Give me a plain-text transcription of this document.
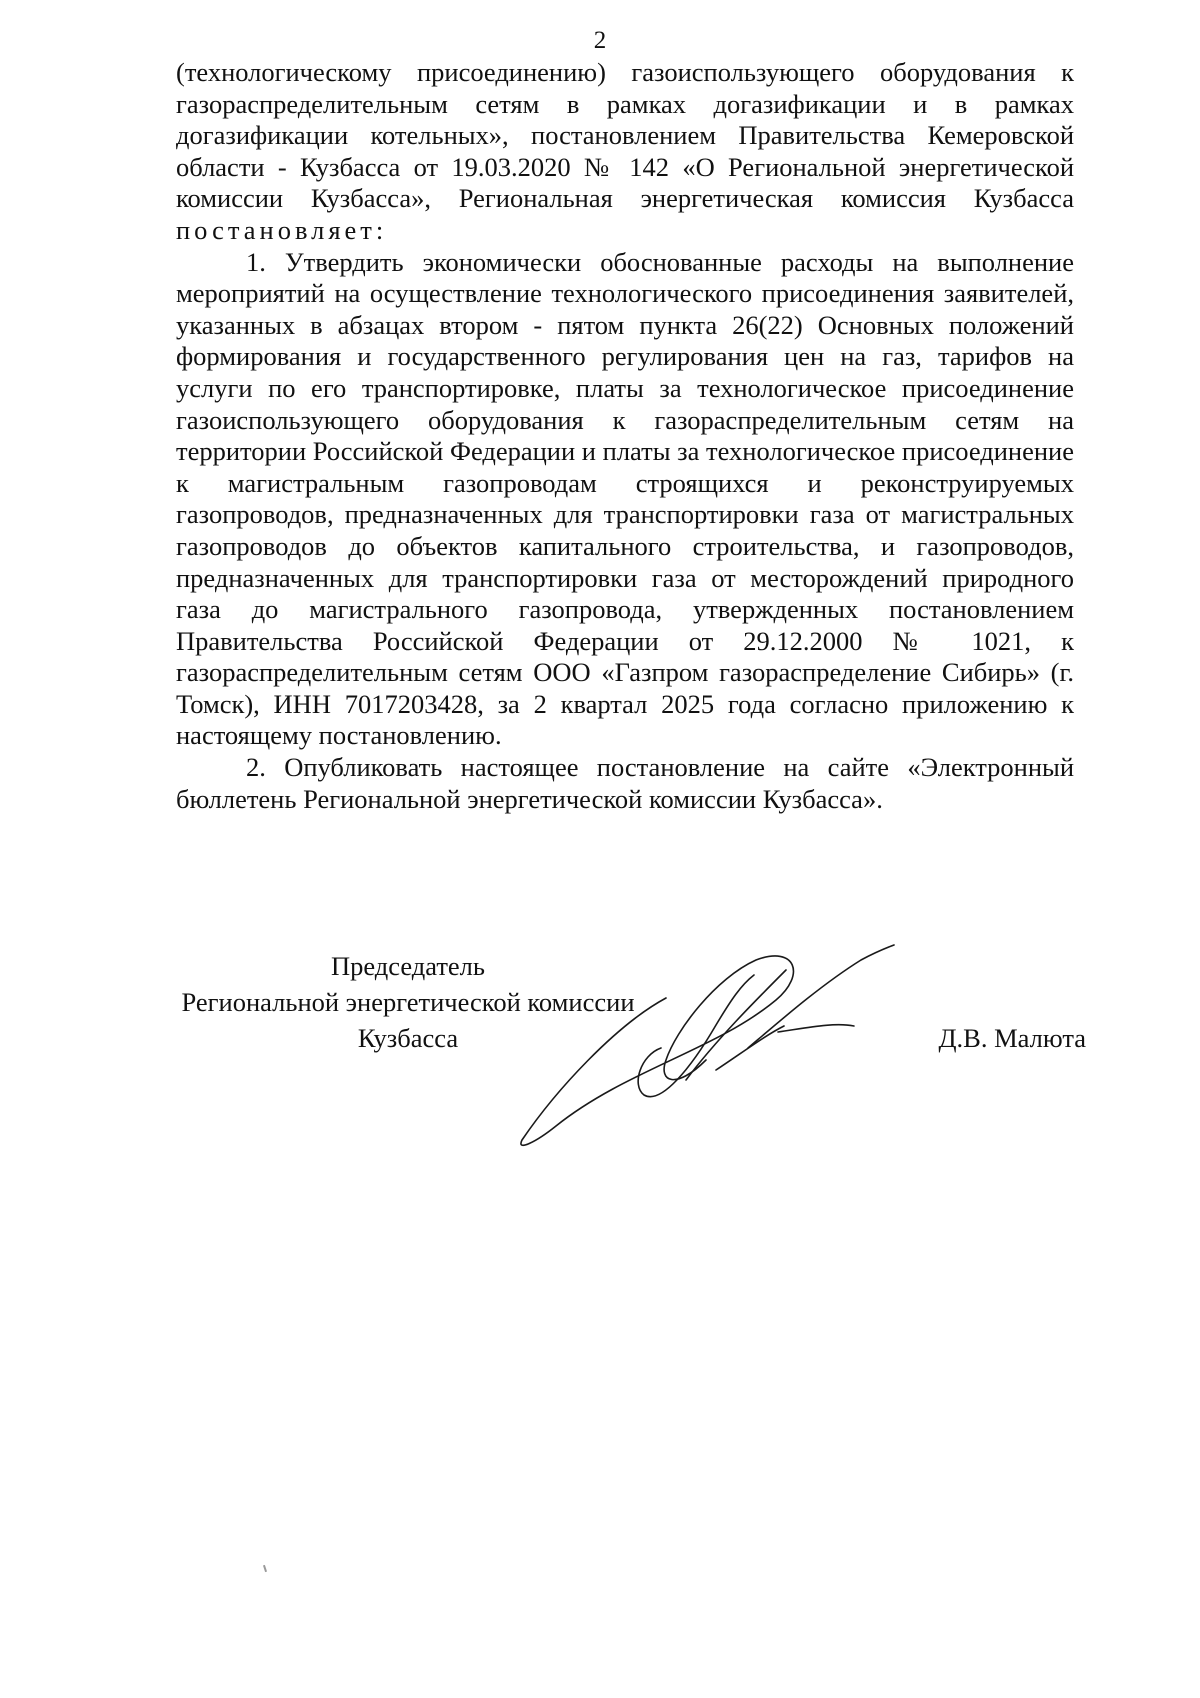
2

(технологическому присоединению) газоиспользующего оборудования к газораспределительным сетям в рамках догазификации и в рамках догазификации котельных», постановлением Правительства Кемеровской области - Кузбасса от 19.03.2020 № 142 «О Региональной энергетической комиссии Кузбасса», Региональная энергетическая комиссия Кузбасса постановляет:

1. Утвердить экономически обоснованные расходы на выполнение мероприятий на осуществление технологического присоединения заявителей, указанных в абзацах втором - пятом пункта 26(22) Основных положений формирования и государственного регулирования цен на газ, тарифов на услуги по его транспортировке, платы за технологическое присоединение газоиспользующего оборудования к газораспределительным сетям на территории Российской Федерации и платы за технологическое присоединение к магистральным газопроводам строящихся и реконструируемых газопроводов, предназначенных для транспортировки газа от магистральных газопроводов до объектов капитального строительства, и газопроводов, предназначенных для транспортировки газа от месторождений природного газа до магистрального газопровода, утвержденных постановлением Правительства Российской Федерации от 29.12.2000 № 1021, к газораспределительным сетям ООО «Газпром газораспределение Сибирь» (г. Томск), ИНН 7017203428, за 2 квартал 2025 года согласно приложению к настоящему постановлению.

2. Опубликовать настоящее постановление на сайте «Электронный бюллетень Региональной энергетической комиссии Кузбасса».

Председатель
Региональной энергетической комиссии
Кузбасса	Д.В. Малюта
